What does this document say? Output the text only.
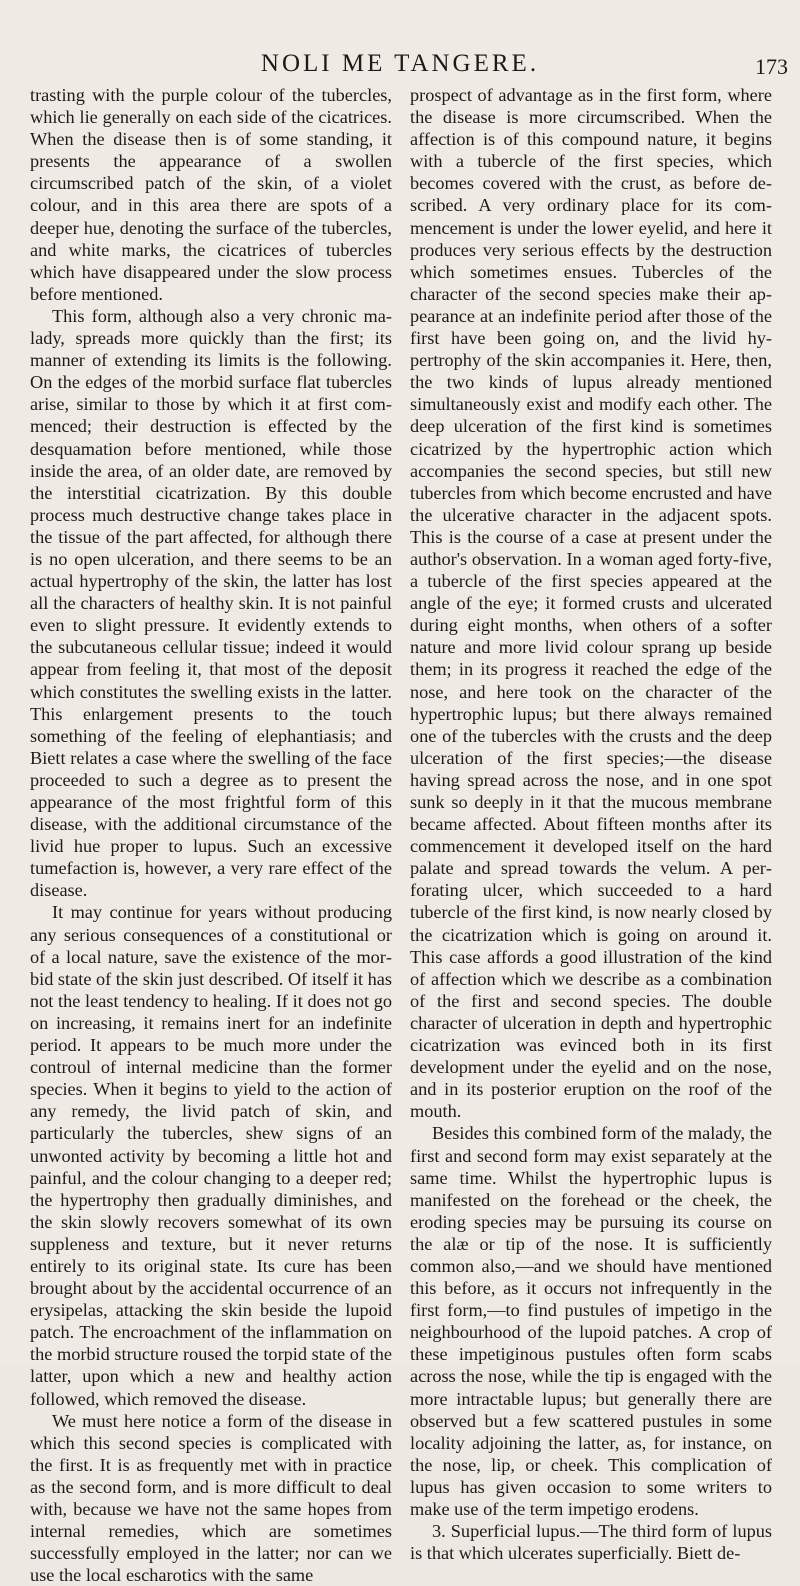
NOLI ME TANGERE.	173

trasting with the purple colour of the tubercles, which lie generally on each side of the cicatrices. When the disease then is of some standing, it presents the appearance of a swollen circumscribed patch of the skin, of a violet colour, and in this area there are spots of a deeper hue, denoting the surface of the tubercles, and white marks, the cicatrices of tubercles which have disappeared under the slow process before mentioned.

This form, although also a very chronic malady, spreads more quickly than the first; its manner of extending its limits is the following. On the edges of the morbid surface flat tubercles arise, similar to those by which it at first commenced; their destruction is effected by the desquamation before mentioned, while those inside the area, of an older date, are removed by the interstitial cicatrization. By this double process much destructive change takes place in the tissue of the part affected, for although there is no open ulceration, and there seems to be an actual hypertrophy of the skin, the latter has lost all the characters of healthy skin. It is not painful even to slight pressure. It evidently extends to the subcutaneous cellular tissue; indeed it would appear from feeling it, that most of the deposit which constitutes the swelling exists in the latter. This enlargement presents to the touch something of the feeling of elephantiasis; and Biett relates a case where the swelling of the face proceeded to such a degree as to present the appearance of the most frightful form of this disease, with the additional circumstance of the livid hue proper to lupus. Such an excessive tumefaction is, however, a very rare effect of the disease.

It may continue for years without producing any serious consequences of a constitutional or of a local nature, save the existence of the morbid state of the skin just described. Of itself it has not the least tendency to healing. If it does not go on increasing, it remains inert for an indefinite period. It appears to be much more under the controul of internal medicine than the former species. When it begins to yield to the action of any remedy, the livid patch of skin, and particularly the tubercles, shew signs of an unwonted activity by becoming a little hot and painful, and the colour changing to a deeper red; the hypertrophy then gradually diminishes, and the skin slowly recovers somewhat of its own suppleness and texture, but it never returns entirely to its original state. Its cure has been brought about by the accidental occurrence of an erysipelas, attacking the skin beside the lupoid patch. The encroachment of the inflammation on the morbid structure roused the torpid state of the latter, upon which a new and healthy action followed, which removed the disease.

We must here notice a form of the disease in which this second species is complicated with the first. It is as frequently met with in practice as the second form, and is more difficult to deal with, because we have not the same hopes from internal remedies, which are sometimes successfully employed in the latter; nor can we use the local escharotics with the same

prospect of advantage as in the first form, where the disease is more circumscribed. When the affection is of this compound nature, it begins with a tubercle of the first species, which becomes covered with the crust, as before described. A very ordinary place for its commencement is under the lower eyelid, and here it produces very serious effects by the destruction which sometimes ensues. Tubercles of the character of the second species make their appearance at an indefinite period after those of the first have been going on, and the livid hypertrophy of the skin accompanies it. Here, then, the two kinds of lupus already mentioned simultaneously exist and modify each other. The deep ulceration of the first kind is sometimes cicatrized by the hypertrophic action which accompanies the second species, but still new tubercles from which become encrusted and have the ulcerative character in the adjacent spots. This is the course of a case at present under the author's observation. In a woman aged forty-five, a tubercle of the first species appeared at the angle of the eye; it formed crusts and ulcerated during eight months, when others of a softer nature and more livid colour sprang up beside them; in its progress it reached the edge of the nose, and here took on the character of the hypertrophic lupus; but there always remained one of the tubercles with the crusts and the deep ulceration of the first species;—the disease having spread across the nose, and in one spot sunk so deeply in it that the mucous membrane became affected. About fifteen months after its commencement it developed itself on the hard palate and spread towards the velum. A perforating ulcer, which succeeded to a hard tubercle of the first kind, is now nearly closed by the cicatrization which is going on around it. This case affords a good illustration of the kind of affection which we describe as a combination of the first and second species. The double character of ulceration in depth and hypertrophic cicatrization was evinced both in its first development under the eyelid and on the nose, and in its posterior eruption on the roof of the mouth.

Besides this combined form of the malady, the first and second form may exist separately at the same time. Whilst the hypertrophic lupus is manifested on the forehead or the cheek, the eroding species may be pursuing its course on the alæ or tip of the nose. It is sufficiently common also,—and we should have mentioned this before, as it occurs not infrequently in the first form,—to find pustules of impetigo in the neighbourhood of the lupoid patches. A crop of these impetiginous pustules often form scabs across the nose, while the tip is engaged with the more intractable lupus; but generally there are observed but a few scattered pustules in some locality adjoining the latter, as, for instance, on the nose, lip, or cheek. This complication of lupus has given occasion to some writers to make use of the term impetigo erodens.

3. Superficial lupus.—The third form of lupus is that which ulcerates superficially. Biett de-
